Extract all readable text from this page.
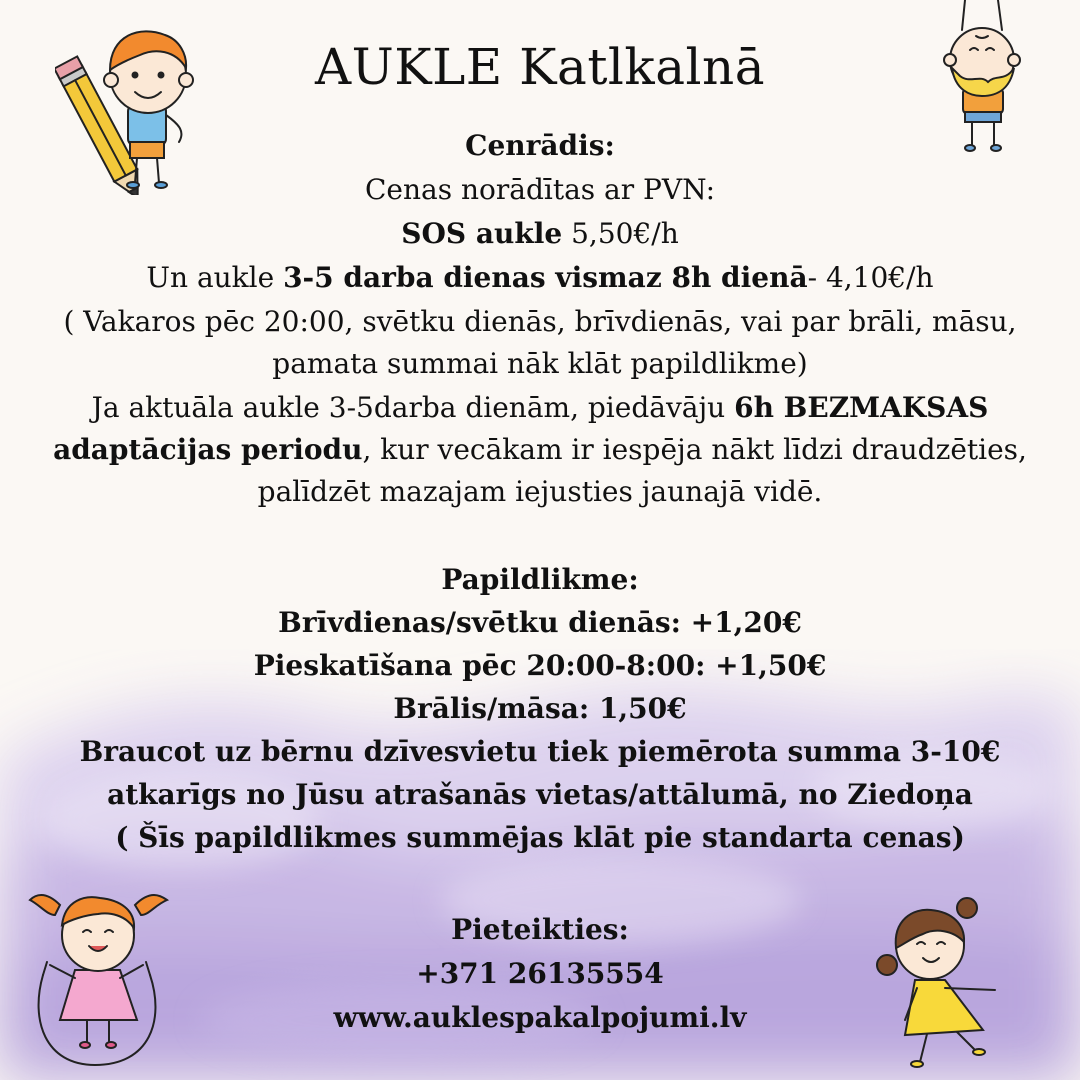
AUKLE Katlkalnā
Cenrādis:
Cenas norādītas ar PVN:
SOS aukle 5,50€/h
Un aukle 3-5 darba dienas vismaz 8h dienā- 4,10€/h
( Vakaros pēc 20:00, svētku dienās, brīvdienās, vai par brāli, māsu,
pamata summai nāk klāt papildlikme)
Ja aktuāla aukle 3-5darba dienām, piedāvāju 6h BEZMAKSAS
adaptācijas periodu, kur vecākam ir iespēja nākt līdzi draudzēties,
palīdzēt mazajam iejusties jaunajā vidē.
Papildlikme:
Brīvdienas/svētku dienās: +1,20€
Pieskatīšana pēc 20:00-8:00: +1,50€
Brālis/māsa: 1,50€
Braucot uz bērnu dzīvesvietu tiek piemērota summa 3-10€
atkarīgs no Jūsu atrašanās vietas/attālumā, no Ziedoņa
( Šīs papildlikmes summējas klāt pie standarta cenas)
Pieteikties:
+371 26135554
www.auklespakalpojumi.lv
